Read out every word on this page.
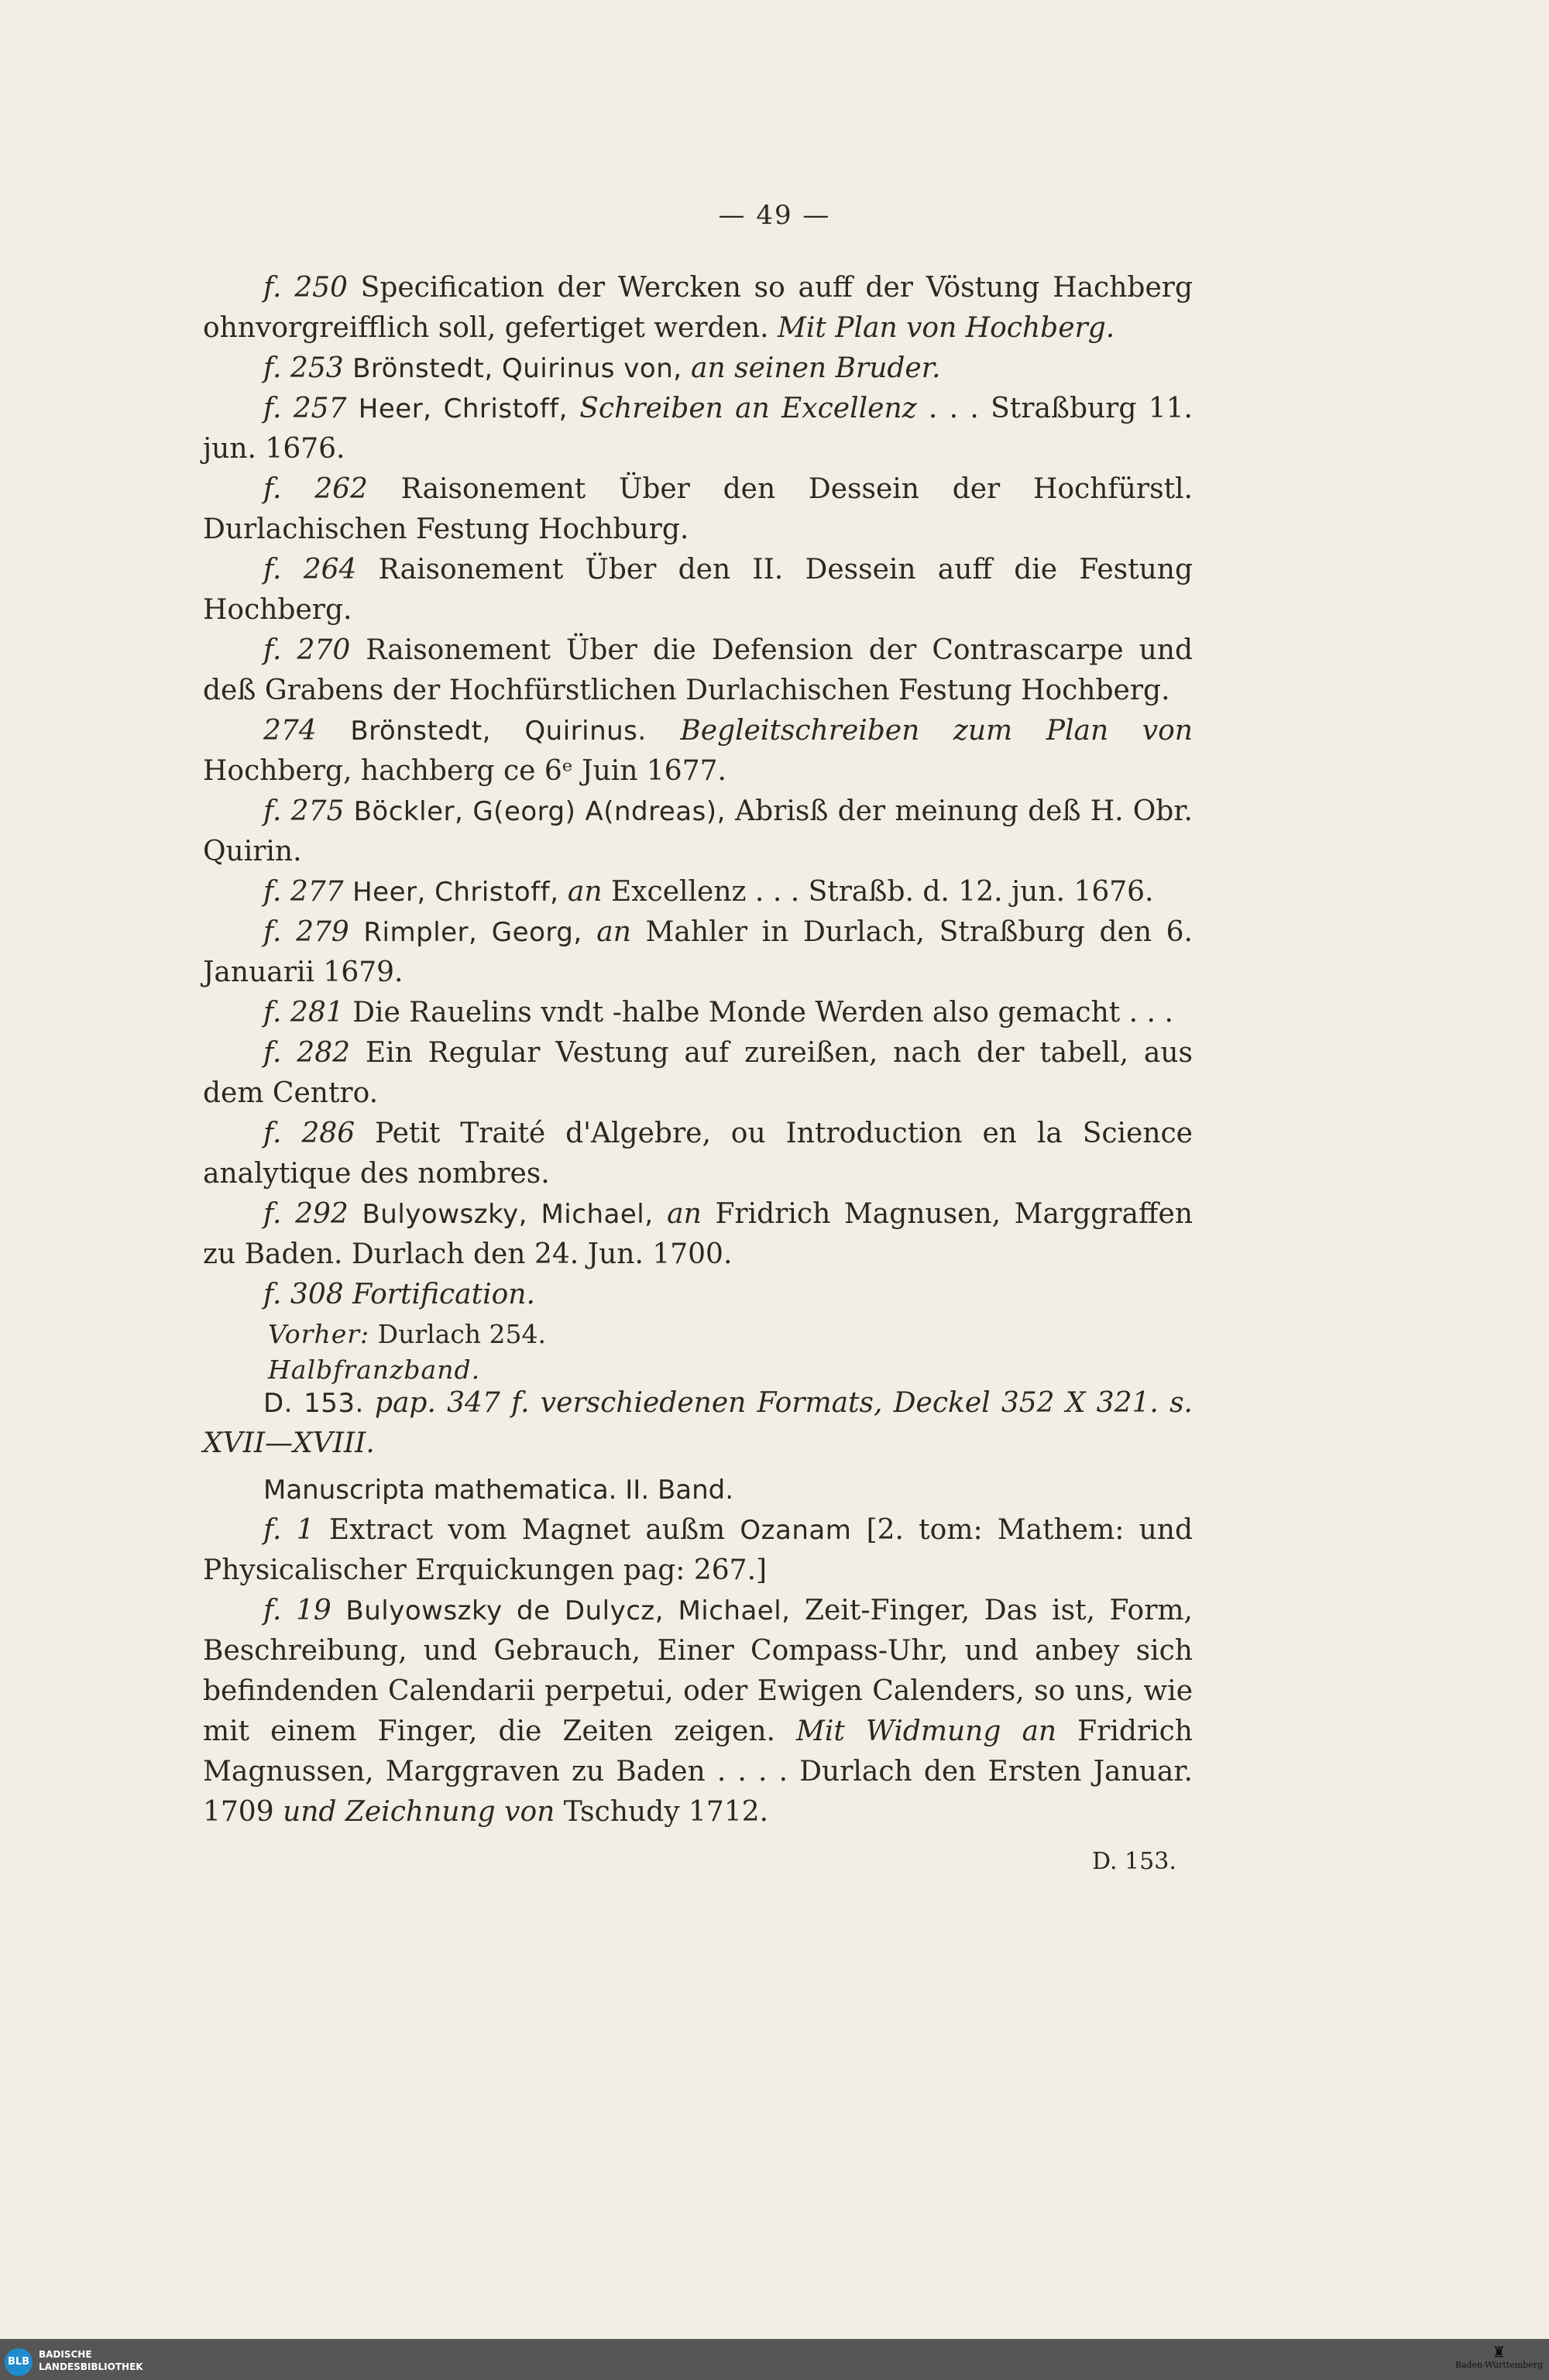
— 49 —

f. 250 Specification der Wercken so auff der Vöstung Hachberg ohnvorgreifflich soll, gefertiget werden. Mit Plan von Hochberg.

f. 253 Brönstedt, Quirinus von, an seinen Bruder.

f. 257 Heer, Christoff, Schreiben an Excellenz . . . Straßburg 11. jun. 1676.

f. 262 Raisonement Über den Dessein der Hochfürstl. Durlachischen Festung Hochburg.

f. 264 Raisonement Über den II. Dessein auff die Festung Hochberg.

f. 270 Raisonement Über die Defension der Contrascarpe und deß Grabens der Hochfürstlichen Durlachischen Festung Hochberg.

274 Brönstedt, Quirinus. Begleitschreiben zum Plan von Hochberg, hachberg ce 6ᵉ Juin 1677.

f. 275 Böckler, G(eorg) A(ndreas), Abrisß der meinung deß H. Obr. Quirin.

f. 277 Heer, Christoff, an Excellenz . . . Straßb. d. 12. jun. 1676.

f. 279 Rimpler, Georg, an Mahler in Durlach, Straßburg den 6. Januarii 1679.

f. 281 Die Rauelins vndt ‑halbe Monde Werden also gemacht . . .

f. 282 Ein Regular Vestung auf zureißen, nach der tabell, aus dem Centro.

f. 286 Petit Traité d'Algebre, ou Introduction en la Science analytique des nombres.

f. 292 Bulyowszky, Michael, an Fridrich Magnusen, Marggraffen zu Baden. Durlach den 24. Jun. 1700.

f. 308 Fortification.

Vorher: Durlach 254.

Halbfranzband.

D. 153. pap. 347 f. verschiedenen Formats, Deckel 352 X 321. s. XVII—XVIII.

Manuscripta mathematica. II. Band.

f. 1 Extract vom Magnet außm Ozanam [2. tom: Mathem: und Physicalischer Erquickungen pag: 267.]

f. 19 Bulyowszky de Dulycz, Michael, Zeit-Finger, Das ist, Form, Beschreibung, und Gebrauch, Einer Compass-Uhr, und anbey sich befindenden Calendarii perpetui, oder Ewigen Calenders, so uns, wie mit einem Finger, die Zeiten zeigen. Mit Widmung an Fridrich Magnussen, Marggraven zu Baden . . . . Durlach den Ersten Januar. 1709 und Zeichnung von Tschudy 1712.

D. 153.
BLB
BADISCHE
LANDESBIBLIOTHEK
♜
Baden-Württemberg
